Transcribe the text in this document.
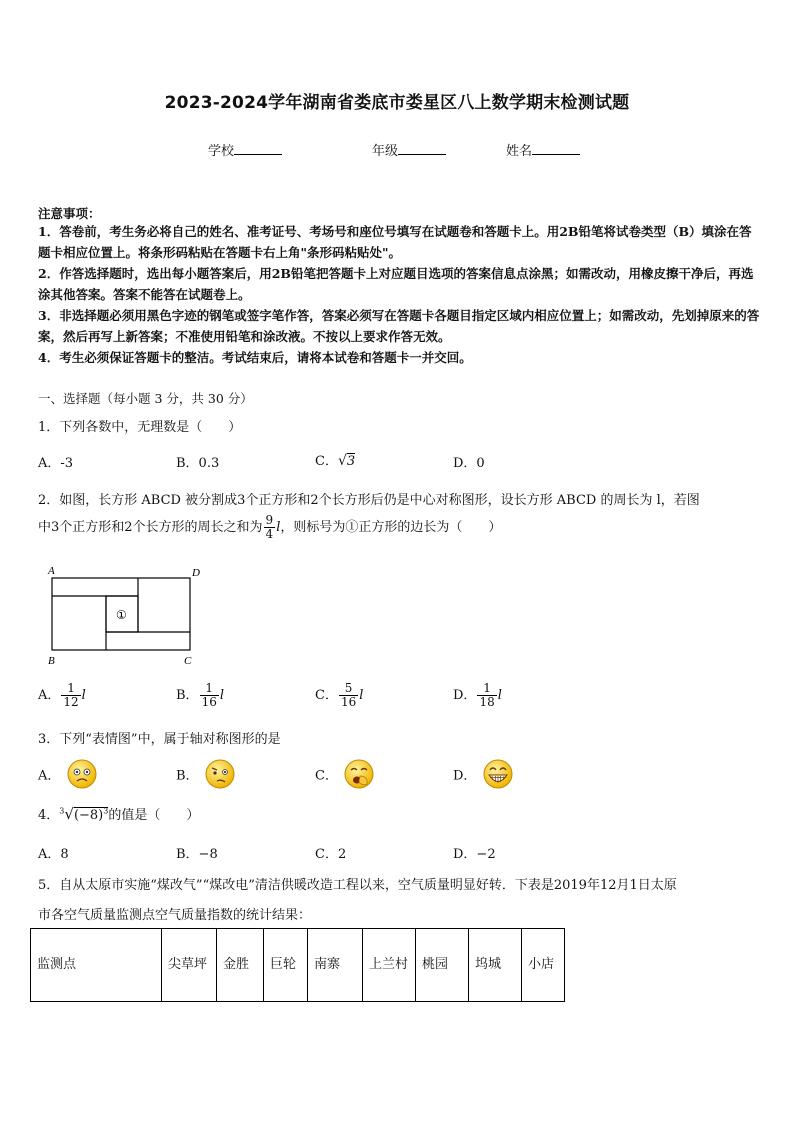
2023-2024学年湖南省娄底市娄星区八上数学期末检测试题
学校	年级	姓名
注意事项：
1．答卷前，考生务必将自己的姓名、准考证号、考场号和座位号填写在试题卷和答题卡上。用2B铅笔将试卷类型（B）填涂在答题卡相应位置上。将条形码粘贴在答题卡右上角"条形码粘贴处"。
2．作答选择题时，选出每小题答案后，用2B铅笔把答题卡上对应题目选项的答案信息点涂黑；如需改动，用橡皮擦干净后，再选涂其他答案。答案不能答在试题卷上。
3．非选择题必须用黑色字迹的钢笔或签字笔作答，答案必须写在答题卡各题目指定区域内相应位置上；如需改动，先划掉原来的答案，然后再写上新答案；不准使用铅笔和涂改液。不按以上要求作答无效。
4．考生必须保证答题卡的整洁。考试结束后，请将本试卷和答题卡一并交回。
一、选择题（每小题 3 分，共 30 分）
1．下列各数中，无理数是（　　）
A．-3	B．0.3	C．√3	D．0
2．如图，长方形 ABCD 被分割成3个正方形和2个长方形后仍是中心对称图形，设长方形 ABCD 的周长为 l，若图
中3个正方形和2个长方形的周长之和为 $\frac{9}{4}$ l，则标号为①正方形的边长为（　　）
A	D
B	C
①
A． $\frac{1}{12}$ l	B． $\frac{1}{16}$ l	C． $\frac{5}{16}$ l	D． $\frac{1}{18}$ l
3．下列“表情图”中，属于轴对称图形的是
A．	B．	C．	D．
4．$^3√(-8)^3$的值是（　　）
A．8	B．−8	C．2	D．−2
5．自从太原市实施“煤改气”“煤改电”清洁供暖改造工程以来，空气质量明显好转．下表是2019年12月1日太原
市各空气质量监测点空气质量指数的统计结果：
监测点	尖草坪	金胜	巨轮	南寨	上兰村	桃园	坞城	小店
